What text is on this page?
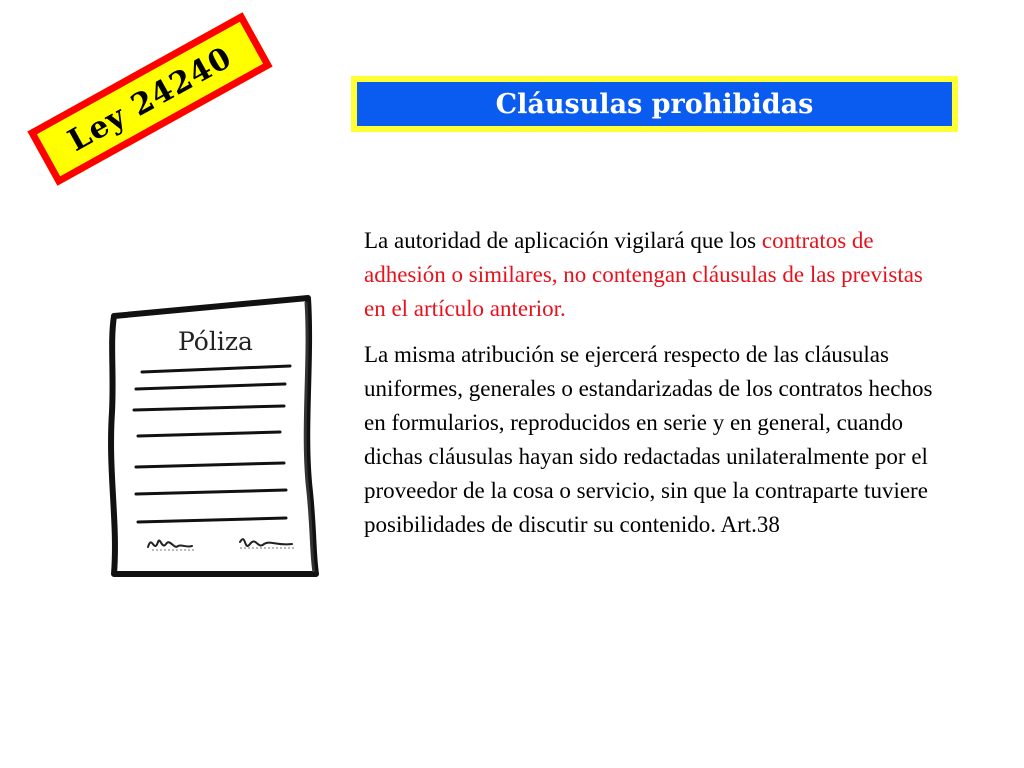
Ley 24240	Cláusulas prohibidas
Póliza

La autoridad de aplicación vigilará que los contratos de adhesión o similares, no contengan cláusulas de las previstas en el artículo anterior.

La misma atribución se ejercerá respecto de las cláusulas uniformes, generales o estandarizadas de los contratos hechos en formularios, reproducidos en serie y en general, cuando dichas cláusulas hayan sido redactadas unilateralmente por el proveedor de la cosa o servicio, sin que la contraparte tuviere posibilidades de discutir su contenido. Art.38
